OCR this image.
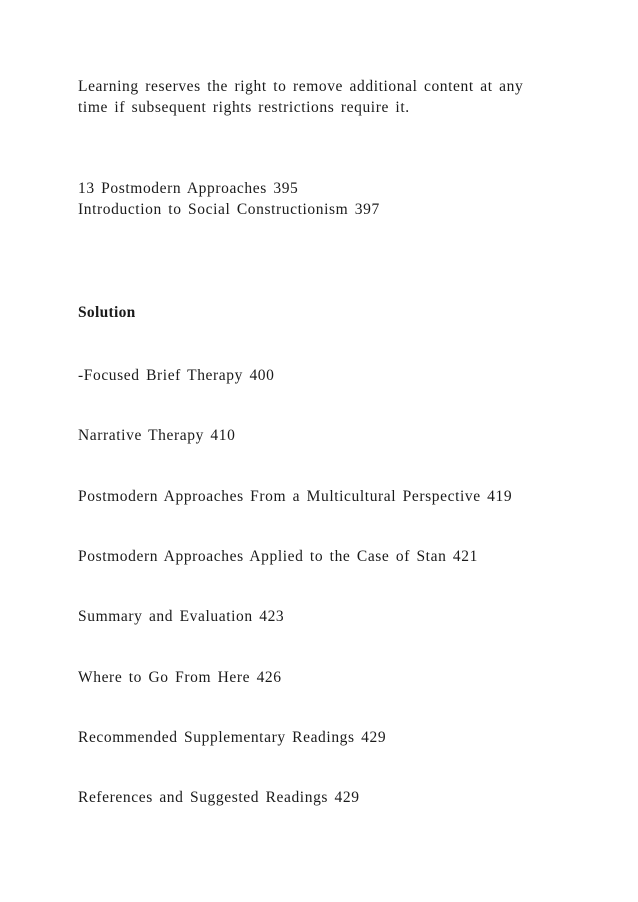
Learning reserves the right to remove additional content at any
time if subsequent rights restrictions require it.
13 Postmodern Approaches 395
Introduction to Social Constructionism 397
Solution
-Focused Brief Therapy 400
Narrative Therapy 410
Postmodern Approaches From a Multicultural Perspective 419
Postmodern Approaches Applied to the Case of Stan 421
Summary and Evaluation 423
Where to Go From Here 426
Recommended Supplementary Readings 429
References and Suggested Readings 429
